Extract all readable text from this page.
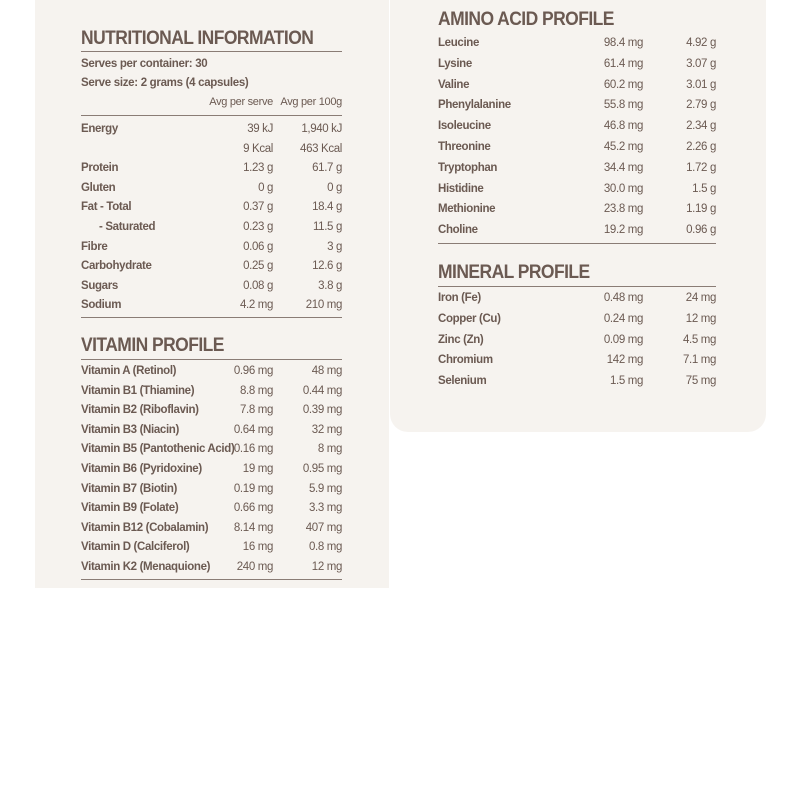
NUTRITIONAL INFORMATION
Serves per container: 30
Serve size: 2 grams (4 capsules)
Avg per serve Avg per 100g
Energy	39 kJ 1,940 kJ
9 Kcal 463 Kcal
Protein	1.23 g	61.7 g
Gluten	0 g	0 g
Fat - Total	0.37 g	18.4 g
- Saturated	0.23 g	11.5 g
Fibre	0.06 g	3 g
Carbohydrate	0.25 g	12.6 g
Sugars	0.08 g	3.8 g
Sodium	4.2 mg	210 mg
VITAMIN PROFILE
Vitamin A (Retinol)	0.96 mg	48 mg
Vitamin B1 (Thiamine)	8.8 mg	0.44 mg
Vitamin B2 (Riboflavin)	7.8 mg	0.39 mg
Vitamin B3 (Niacin)	0.64 mg	32 mg
Vitamin B5 (Pantothenic Acid) 0.16 mg	8 mg
Vitamin B6 (Pyridoxine)	19 mg	0.95 mg
Vitamin B7 (Biotin)	0.19 mg	5.9 mg
Vitamin B9 (Folate)	0.66 mg	3.3 mg
Vitamin B12 (Cobalamin) 8.14 mg	407 mg
Vitamin D (Calciferol)	16 mg	0.8 mg
Vitamin K2 (Menaquione) 240 mg	12 mg
AMINO ACID PROFILE
Leucine	98.4 mg	4.92 g
Lysine	61.4 mg	3.07 g
Valine	60.2 mg	3.01 g
Phenylalanine	55.8 mg	2.79 g
Isoleucine	46.8 mg	2.34 g
Threonine	45.2 mg	2.26 g
Tryptophan	34.4 mg	1.72 g
Histidine	30.0 mg	1.5 g
Methionine	23.8 mg	1.19 g
Choline	19.2 mg	0.96 g
MINERAL PROFILE
Iron (Fe)	0.48 mg	24 mg
Copper (Cu)	0.24 mg	12 mg
Zinc (Zn)	0.09 mg	4.5 mg
Chromium	142 mg	7.1 mg
Selenium	1.5 mg	75 mg
